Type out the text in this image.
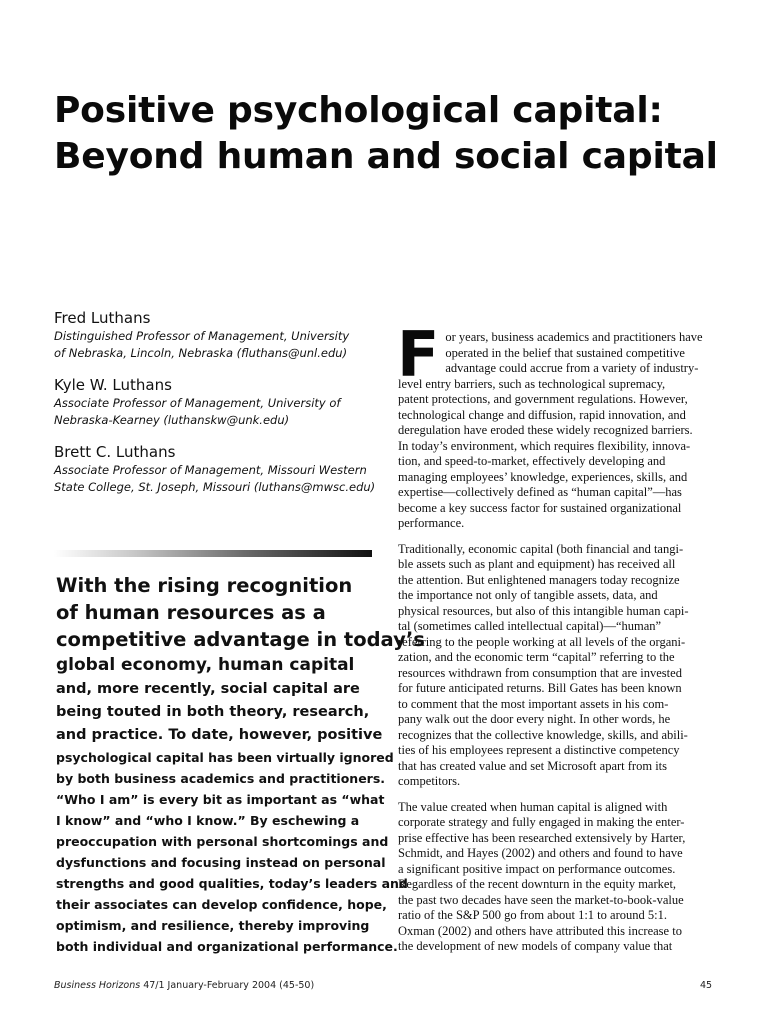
Positive psychological capital:
Beyond human and social capital
Fred Luthans
Distinguished Professor of Management, University
of Nebraska, Lincoln, Nebraska (fluthans@unl.edu)
Kyle W. Luthans
Associate Professor of Management, University of
Nebraska-Kearney (luthanskw@unk.edu)
Brett C. Luthans
Associate Professor of Management, Missouri Western
State College, St. Joseph, Missouri (luthans@mwsc.edu)
With the rising recognition
of human resources as a
competitive advantage in today’s
global economy, human capital
and, more recently, social capital are
being touted in both theory, research,
and practice. To date, however, positive
psychological capital has been virtually ignored
by both business academics and practitioners.
“Who I am” is every bit as important as “what
I know” and “who I know.” By eschewing a
preoccupation with personal shortcomings and
dysfunctions and focusing instead on personal
strengths and good qualities, today’s leaders and
their associates can develop confidence, hope,
optimism, and resilience, thereby improving
both individual and organizational performance.

F or years, business academics and practitioners have
operated in the belief that sustained competitive
advantage could accrue from a variety of industry-
level entry barriers, such as technological supremacy,
patent protections, and government regulations. However,
technological change and diffusion, rapid innovation, and
deregulation have eroded these widely recognized barriers.
In today’s environment, which requires flexibility, innova-
tion, and speed-to-market, effectively developing and
managing employees’ knowledge, experiences, skills, and
expertise—collectively defined as “human capital”—has
become a key success factor for sustained organizational
performance.

Traditionally, economic capital (both financial and tangi-
ble assets such as plant and equipment) has received all
the attention. But enlightened managers today recognize
the importance not only of tangible assets, data, and
physical resources, but also of this intangible human capi-
tal (sometimes called intellectual capital)—“human”
referring to the people working at all levels of the organi-
zation, and the economic term “capital” referring to the
resources withdrawn from consumption that are invested
for future anticipated returns. Bill Gates has been known
to comment that the most important assets in his com-
pany walk out the door every night. In other words, he
recognizes that the collective knowledge, skills, and abili-
ties of his employees represent a distinctive competency
that has created value and set Microsoft apart from its
competitors.

The value created when human capital is aligned with
corporate strategy and fully engaged in making the enter-
prise effective has been researched extensively by Harter,
Schmidt, and Hayes (2002) and others and found to have
a significant positive impact on performance outcomes.
Regardless of the recent downturn in the equity market,
the past two decades have seen the market-to-book-value
ratio of the S&P 500 go from about 1:1 to around 5:1.
Oxman (2002) and others have attributed this increase to
the development of new models of company value that

Business Horizons 47/1 January-February 2004 (45-50)	45
